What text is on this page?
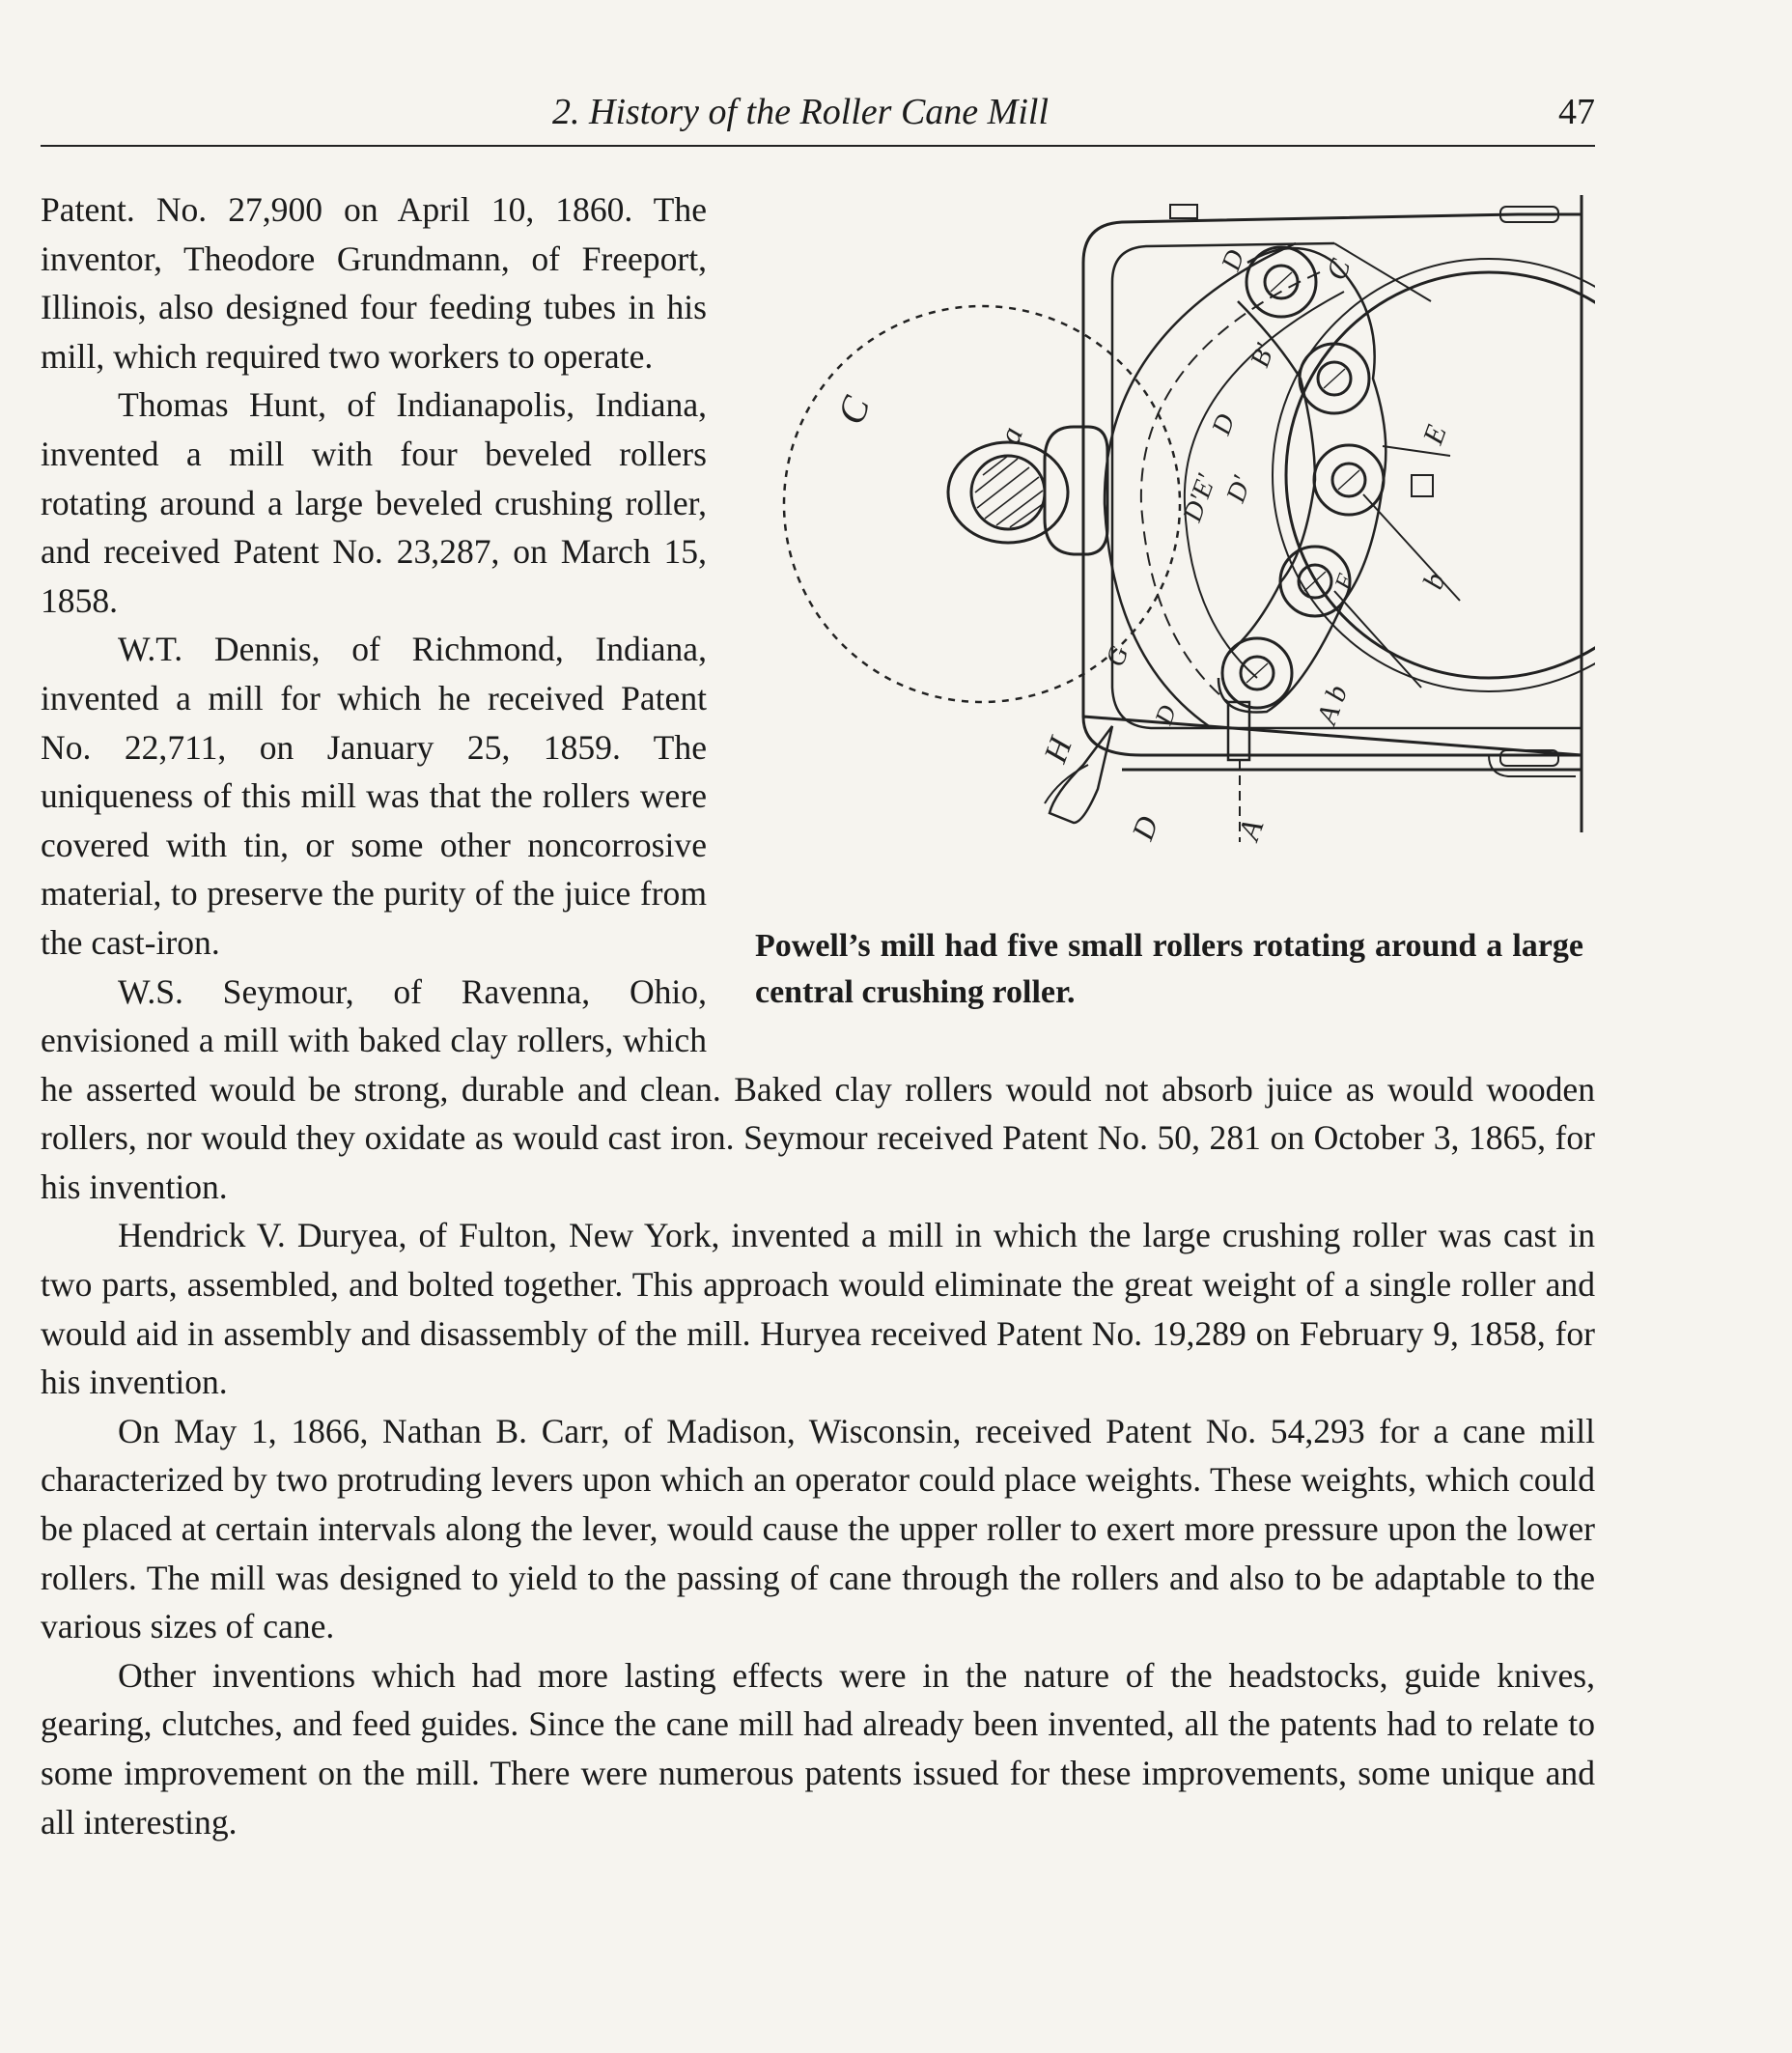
2. History of the Roller Cane Mill	47
C
a
D C
B'
D
D'
D'E'
E
b
F
G
D
H
D A
A b
Powell’s mill had five small rollers rotating around a large central crushing roller.

Patent. No. 27,900 on April 10, 1860. The inventor, Theodore Grundmann, of Freeport, Illinois, also designed four feeding tubes in his mill, which required two workers to operate.

Thomas Hunt, of Indianapolis, Indiana, invented a mill with four beveled rollers rotating around a large beveled crushing roller, and received Patent No. 23,287, on March 15, 1858.

W.T. Dennis, of Richmond, Indiana, invented a mill for which he received Patent No. 22,711, on January 25, 1859. The uniqueness of this mill was that the rollers were covered with tin, or some other noncorrosive material, to preserve the purity of the juice from the cast-iron.

W.S. Seymour, of Ravenna, Ohio, envisioned a mill with baked clay rollers, which he asserted would be strong, durable and clean. Baked clay rollers would not absorb juice as would wooden rollers, nor would they oxidate as would cast iron. Seymour received Patent No. 50, 281 on October 3, 1865, for his invention.

Hendrick V. Duryea, of Fulton, New York, invented a mill in which the large crushing roller was cast in two parts, assembled, and bolted together. This approach would eliminate the great weight of a single roller and would aid in assembly and disassembly of the mill. Huryea received Patent No. 19,289 on February 9, 1858, for his invention.

On May 1, 1866, Nathan B. Carr, of Madison, Wisconsin, received Patent No. 54,293 for a cane mill characterized by two protruding levers upon which an operator could place weights. These weights, which could be placed at certain intervals along the lever, would cause the upper roller to exert more pressure upon the lower rollers. The mill was designed to yield to the passing of cane through the rollers and also to be adaptable to the various sizes of cane.

Other inventions which had more lasting effects were in the nature of the headstocks, guide knives, gearing, clutches, and feed guides. Since the cane mill had already been invented, all the patents had to relate to some improvement on the mill. There were numerous patents issued for these improvements, some unique and all interesting.
